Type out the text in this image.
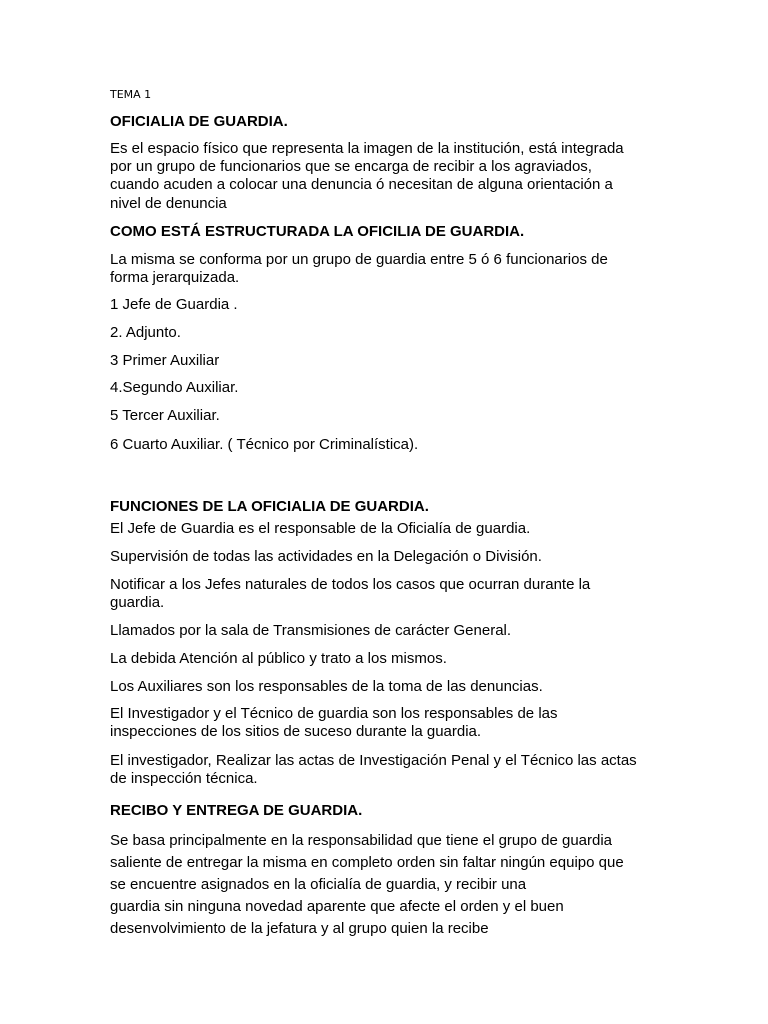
TEMA 1
OFICIALIA DE GUARDIA.
Es el espacio físico que representa la imagen de la institución, está integrada
por un grupo de funcionarios que se encarga de recibir a los agraviados,
cuando acuden a colocar una denuncia ó necesitan de alguna orientación a
nivel de denuncia
COMO ESTÁ ESTRUCTURADA LA OFICILIA DE GUARDIA.
La misma se conforma por un grupo de guardia entre 5 ó 6 funcionarios de
forma jerarquizada.
1 Jefe de Guardia .
2. Adjunto.
3 Primer Auxiliar
4.Segundo Auxiliar.
5 Tercer Auxiliar.
6 Cuarto Auxiliar. ( Técnico por Criminalística).
FUNCIONES DE LA OFICIALIA DE GUARDIA.
El Jefe de Guardia es el responsable de la Oficialía de guardia.
Supervisión de todas las actividades en la Delegación o División.
Notificar a los Jefes naturales de todos los casos que ocurran durante la
guardia.
Llamados por la sala de Transmisiones de carácter General.
La debida Atención al público y trato a los mismos.
Los Auxiliares son los responsables de la toma de las denuncias.
El Investigador y el Técnico de guardia son los responsables de las
inspecciones de los sitios de suceso durante la guardia.
El investigador, Realizar las actas de Investigación Penal y el Técnico las actas
de inspección técnica.
RECIBO Y ENTREGA DE GUARDIA.
Se basa principalmente en la responsabilidad que tiene el grupo de guardia
saliente de entregar la misma en completo orden sin faltar ningún equipo que
se encuentre asignados en la oficialía de guardia, y recibir una
guardia sin ninguna novedad aparente que afecte el orden y el buen
desenvolvimiento de la jefatura y al grupo quien la recibe
